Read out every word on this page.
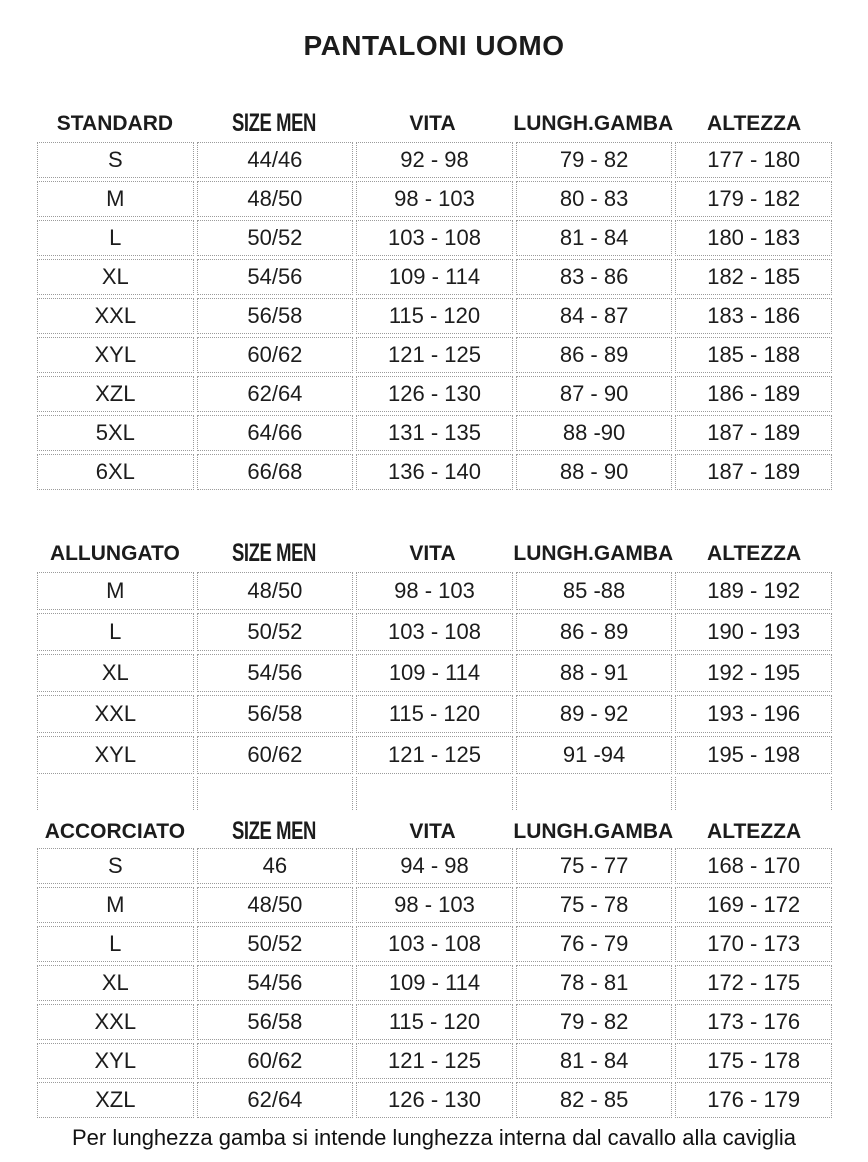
PANTALONI UOMO
STANDARD	SIZE MEN	VITA	LUNGH.GAMBA	ALTEZZA
S	44/46	92 - 98	79 - 82	177 - 180
M	48/50	98 - 103	80 - 83	179 - 182
L	50/52	103 - 108	81 - 84	180 - 183
XL	54/56	109 - 114	83 - 86	182 - 185
XXL	56/58	115 - 120	84 - 87	183 - 186
XYL	60/62	121 - 125	86 - 89	185 - 188
XZL	62/64	126 - 130	87 - 90	186 - 189
5XL	64/66	131 - 135	88 -90	187 - 189
6XL	66/68	136 - 140	88 - 90	187 - 189
ALLUNGATO	SIZE MEN	VITA	LUNGH.GAMBA	ALTEZZA
M	48/50	98 - 103	85 -88	189 - 192
L	50/52	103 - 108	86 - 89	190 - 193
XL	54/56	109 - 114	88 - 91	192 - 195
XXL	56/58	115 - 120	89 - 92	193 - 196
XYL	60/62	121 - 125	91 -94	195 - 198
ACCORCIATO	SIZE MEN	VITA	LUNGH.GAMBA	ALTEZZA
S	46	94 - 98	75 - 77	168 - 170
M	48/50	98 - 103	75 - 78	169 - 172
L	50/52	103 - 108	76 - 79	170 - 173
XL	54/56	109 - 114	78 - 81	172 - 175
XXL	56/58	115 - 120	79 - 82	173 - 176
XYL	60/62	121 - 125	81 - 84	175 - 178
XZL	62/64	126 - 130	82 - 85	176 - 179

Per lunghezza gamba si intende lunghezza interna dal cavallo alla caviglia
